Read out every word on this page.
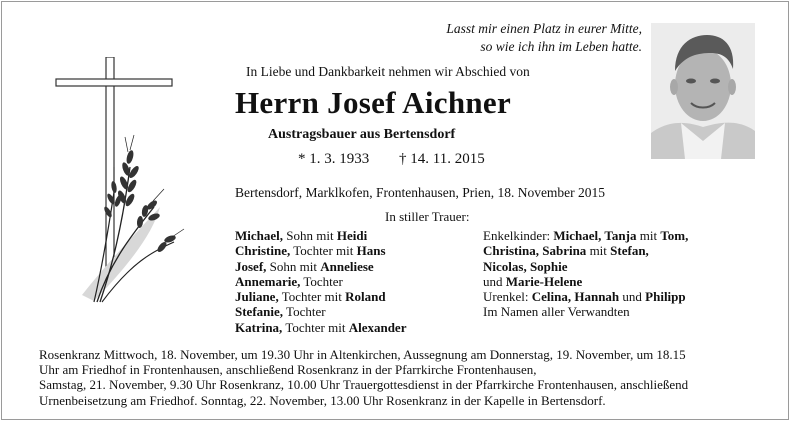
Lasst mir einen Platz in eurer Mitte,
so wie ich ihn im Leben hatte.
In Liebe und Dankbarkeit nehmen wir Abschied von
Herrn Josef Aichner
Austragsbauer aus Bertensdorf
* 1. 3. 1933 † 14. 11. 2015
Bertensdorf, Marklkofen, Frontenhausen, Prien, 18. November 2015
In stiller Trauer:
Michael, Sohn mit Heidi
Christine, Tochter mit Hans
Josef, Sohn mit Anneliese
Annemarie, Tochter
Juliane, Tochter mit Roland
Stefanie, Tochter
Katrina, Tochter mit Alexander
Enkelkinder: Michael, Tanja mit Tom,
Christina, Sabrina mit Stefan,
Nicolas, Sophie
und Marie-Helene
Urenkel: Celina, Hannah und Philipp
Im Namen aller Verwandten
Rosenkranz Mittwoch, 18. November, um 19.30 Uhr in Altenkirchen, Aussegnung am Donnerstag, 19. November, um 18.15
Uhr am Friedhof in Frontenhausen, anschließend Rosenkranz in der Pfarrkirche Frontenhausen,
Samstag, 21. November, 9.30 Uhr Rosenkranz, 10.00 Uhr Trauergottesdienst in der Pfarrkirche Frontenhausen, anschließend
Urnenbeisetzung am Friedhof. Sonntag, 22. November, 13.00 Uhr Rosenkranz in der Kapelle in Bertensdorf.
